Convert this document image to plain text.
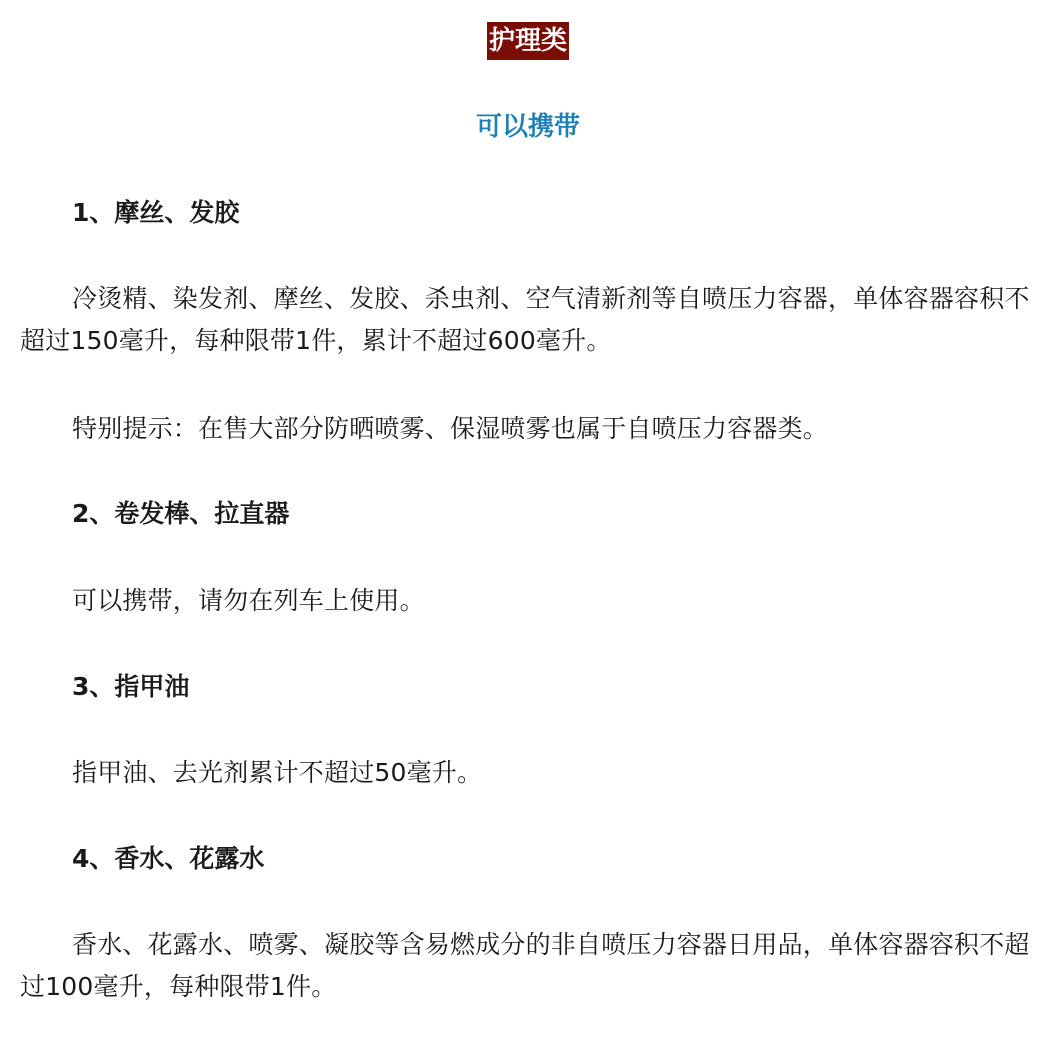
护理类
可以携带

1、摩丝、发胶

冷烫精、染发剂、摩丝、发胶、杀虫剂、空气清新剂等自喷压力容器，单体容器容积不超过150毫升，每种限带1件，累计不超过600毫升。

特别提示：在售大部分防晒喷雾、保湿喷雾也属于自喷压力容器类。

2、卷发棒、拉直器

可以携带，请勿在列车上使用。

3、指甲油

指甲油、去光剂累计不超过50毫升。

4、香水、花露水

香水、花露水、喷雾、凝胶等含易燃成分的非自喷压力容器日用品，单体容器容积不超过100毫升，每种限带1件。
